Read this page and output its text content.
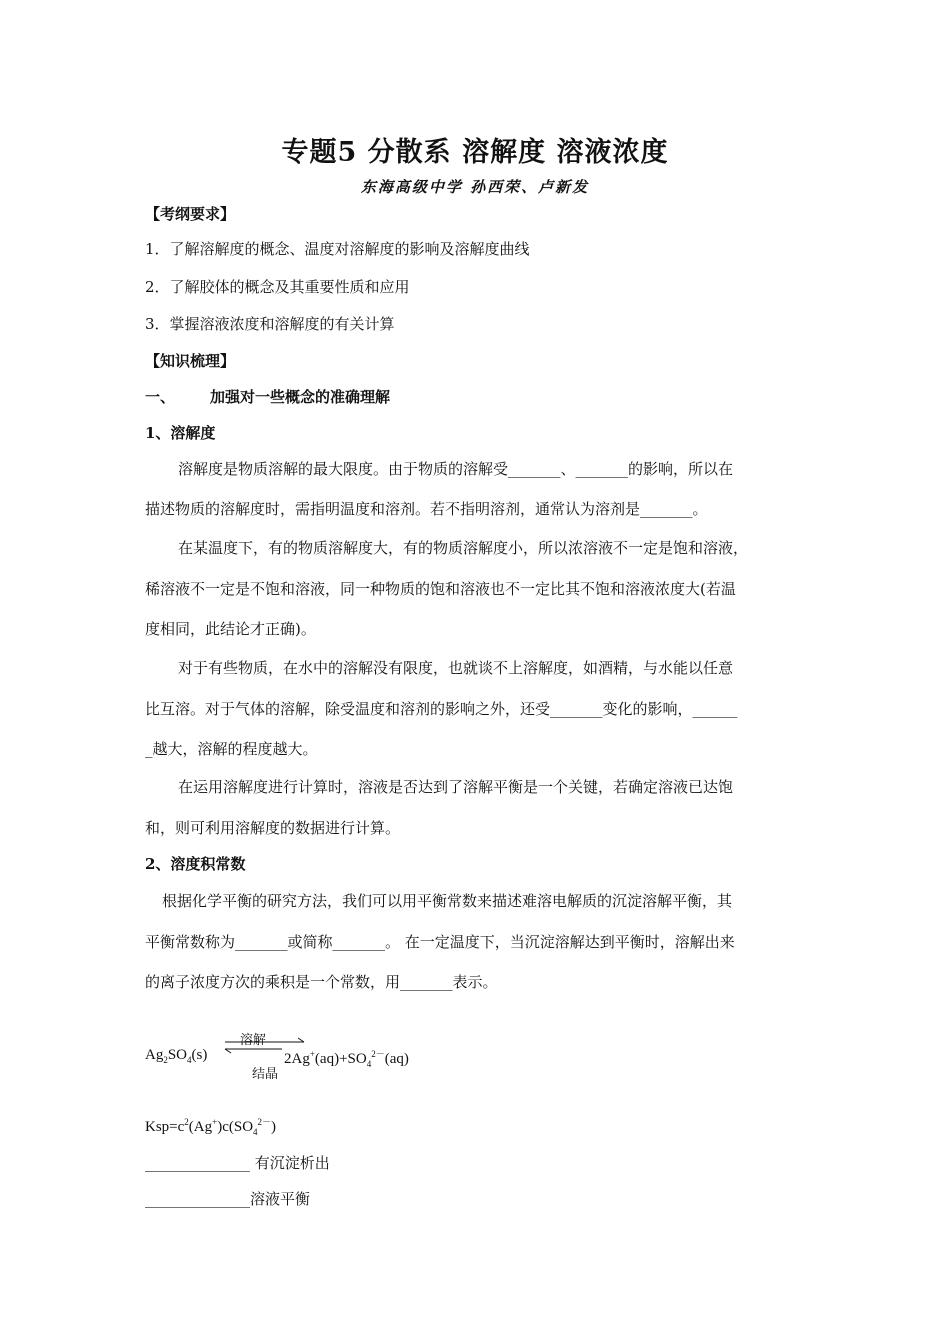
专题5 分散系 溶解度 溶液浓度
东海高级中学 孙西荣、卢新发
【考纲要求】
1．了解溶解度的概念、温度对溶解度的影响及溶解度曲线
2．了解胶体的概念及其重要性质和应用
3．掌握溶液浓度和溶解度的有关计算
【知识梳理】
一、 加强对一些概念的准确理解
1、溶解度
溶解度是物质溶解的最大限度。由于物质的溶解受_______、_______的影响，所以在
描述物质的溶解度时，需指明温度和溶剂。若不指明溶剂，通常认为溶剂是_______。
在某温度下，有的物质溶解度大，有的物质溶解度小，所以浓溶液不一定是饱和溶液，
稀溶液不一定是不饱和溶液，同一种物质的饱和溶液也不一定比其不饱和溶液浓度大(若温
度相同，此结论才正确)。
对于有些物质，在水中的溶解没有限度，也就谈不上溶解度，如酒精，与水能以任意
比互溶。对于气体的溶解，除受温度和溶剂的影响之外，还受_______变化的影响，______
_越大，溶解的程度越大。
在运用溶解度进行计算时，溶液是否达到了溶解平衡是一个关键，若确定溶液已达饱
和，则可利用溶解度的数据进行计算。
2、溶度积常数
根据化学平衡的研究方法，我们可以用平衡常数来描述难溶电解质的沉淀溶解平衡，其
平衡常数称为_______或简称_______。 在一定温度下，当沉淀溶解达到平衡时，溶解出来
的离子浓度方次的乘积是一个常数，用_______表示。
$Ag_2SO_4(s)$
溶解
结晶
$2Ag^+(aq)+SO_4^{2-}(aq)$
$Ksp=c^2(Ag^+)c(SO_4^{2-})$
______________ 有沉淀析出
______________溶液平衡
